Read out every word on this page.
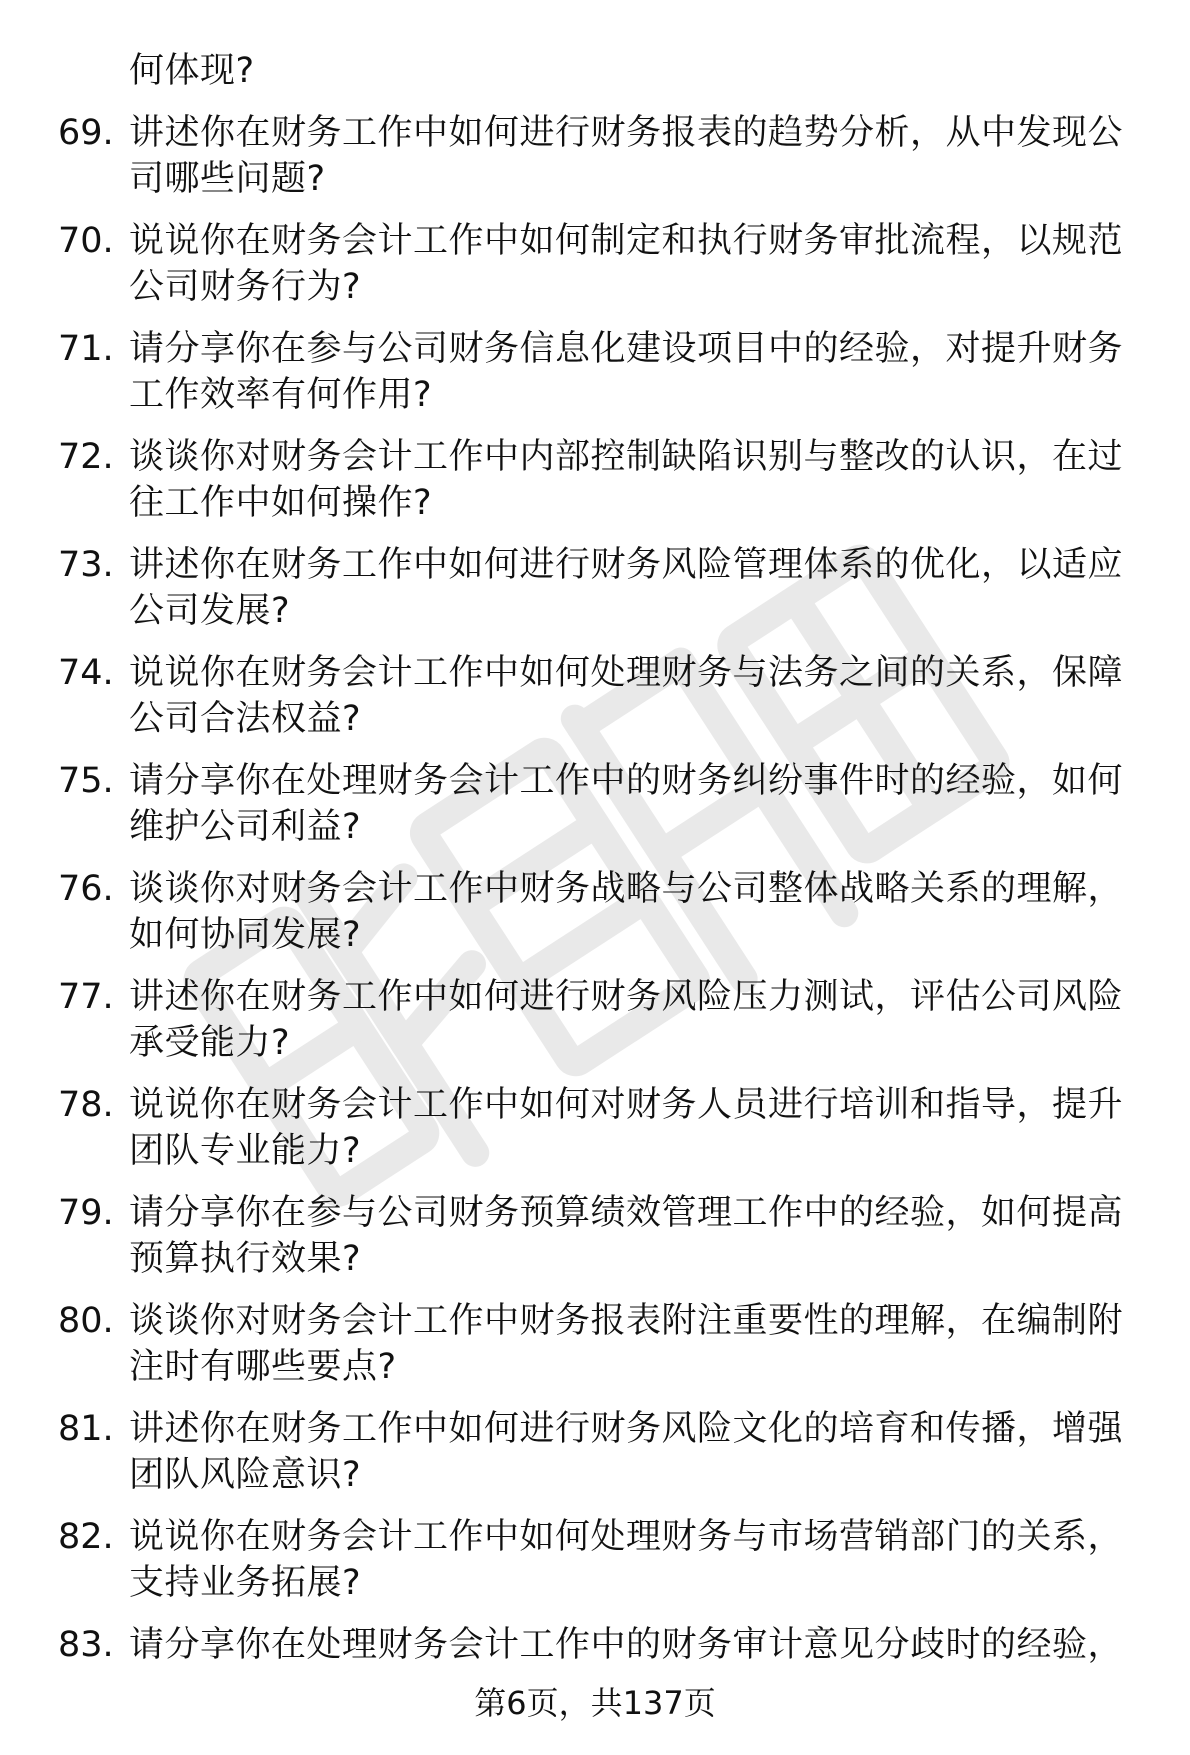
何体现?
69. 讲述你在财务工作中如何进行财务报表的趋势分析，从中发现公
司哪些问题?
70. 说说你在财务会计工作中如何制定和执行财务审批流程，以规范
公司财务行为?
71. 请分享你在参与公司财务信息化建设项目中的经验，对提升财务
工作效率有何作用?
72. 谈谈你对财务会计工作中内部控制缺陷识别与整改的认识，在过
往工作中如何操作?
73. 讲述你在财务工作中如何进行财务风险管理体系的优化，以适应
公司发展?
74. 说说你在财务会计工作中如何处理财务与法务之间的关系，保障
公司合法权益?
75. 请分享你在处理财务会计工作中的财务纠纷事件时的经验，如何
维护公司利益?
76. 谈谈你对财务会计工作中财务战略与公司整体战略关系的理解，
如何协同发展?
77. 讲述你在财务工作中如何进行财务风险压力测试，评估公司风险
承受能力?
78. 说说你在财务会计工作中如何对财务人员进行培训和指导，提升
团队专业能力?
79. 请分享你在参与公司财务预算绩效管理工作中的经验，如何提高
预算执行效果?
80. 谈谈你对财务会计工作中财务报表附注重要性的理解，在编制附
注时有哪些要点?
81. 讲述你在财务工作中如何进行财务风险文化的培育和传播，增强
团队风险意识?
82. 说说你在财务会计工作中如何处理财务与市场营销部门的关系，
支持业务拓展?
83. 请分享你在处理财务会计工作中的财务审计意见分歧时的经验，
第6页，共137页
